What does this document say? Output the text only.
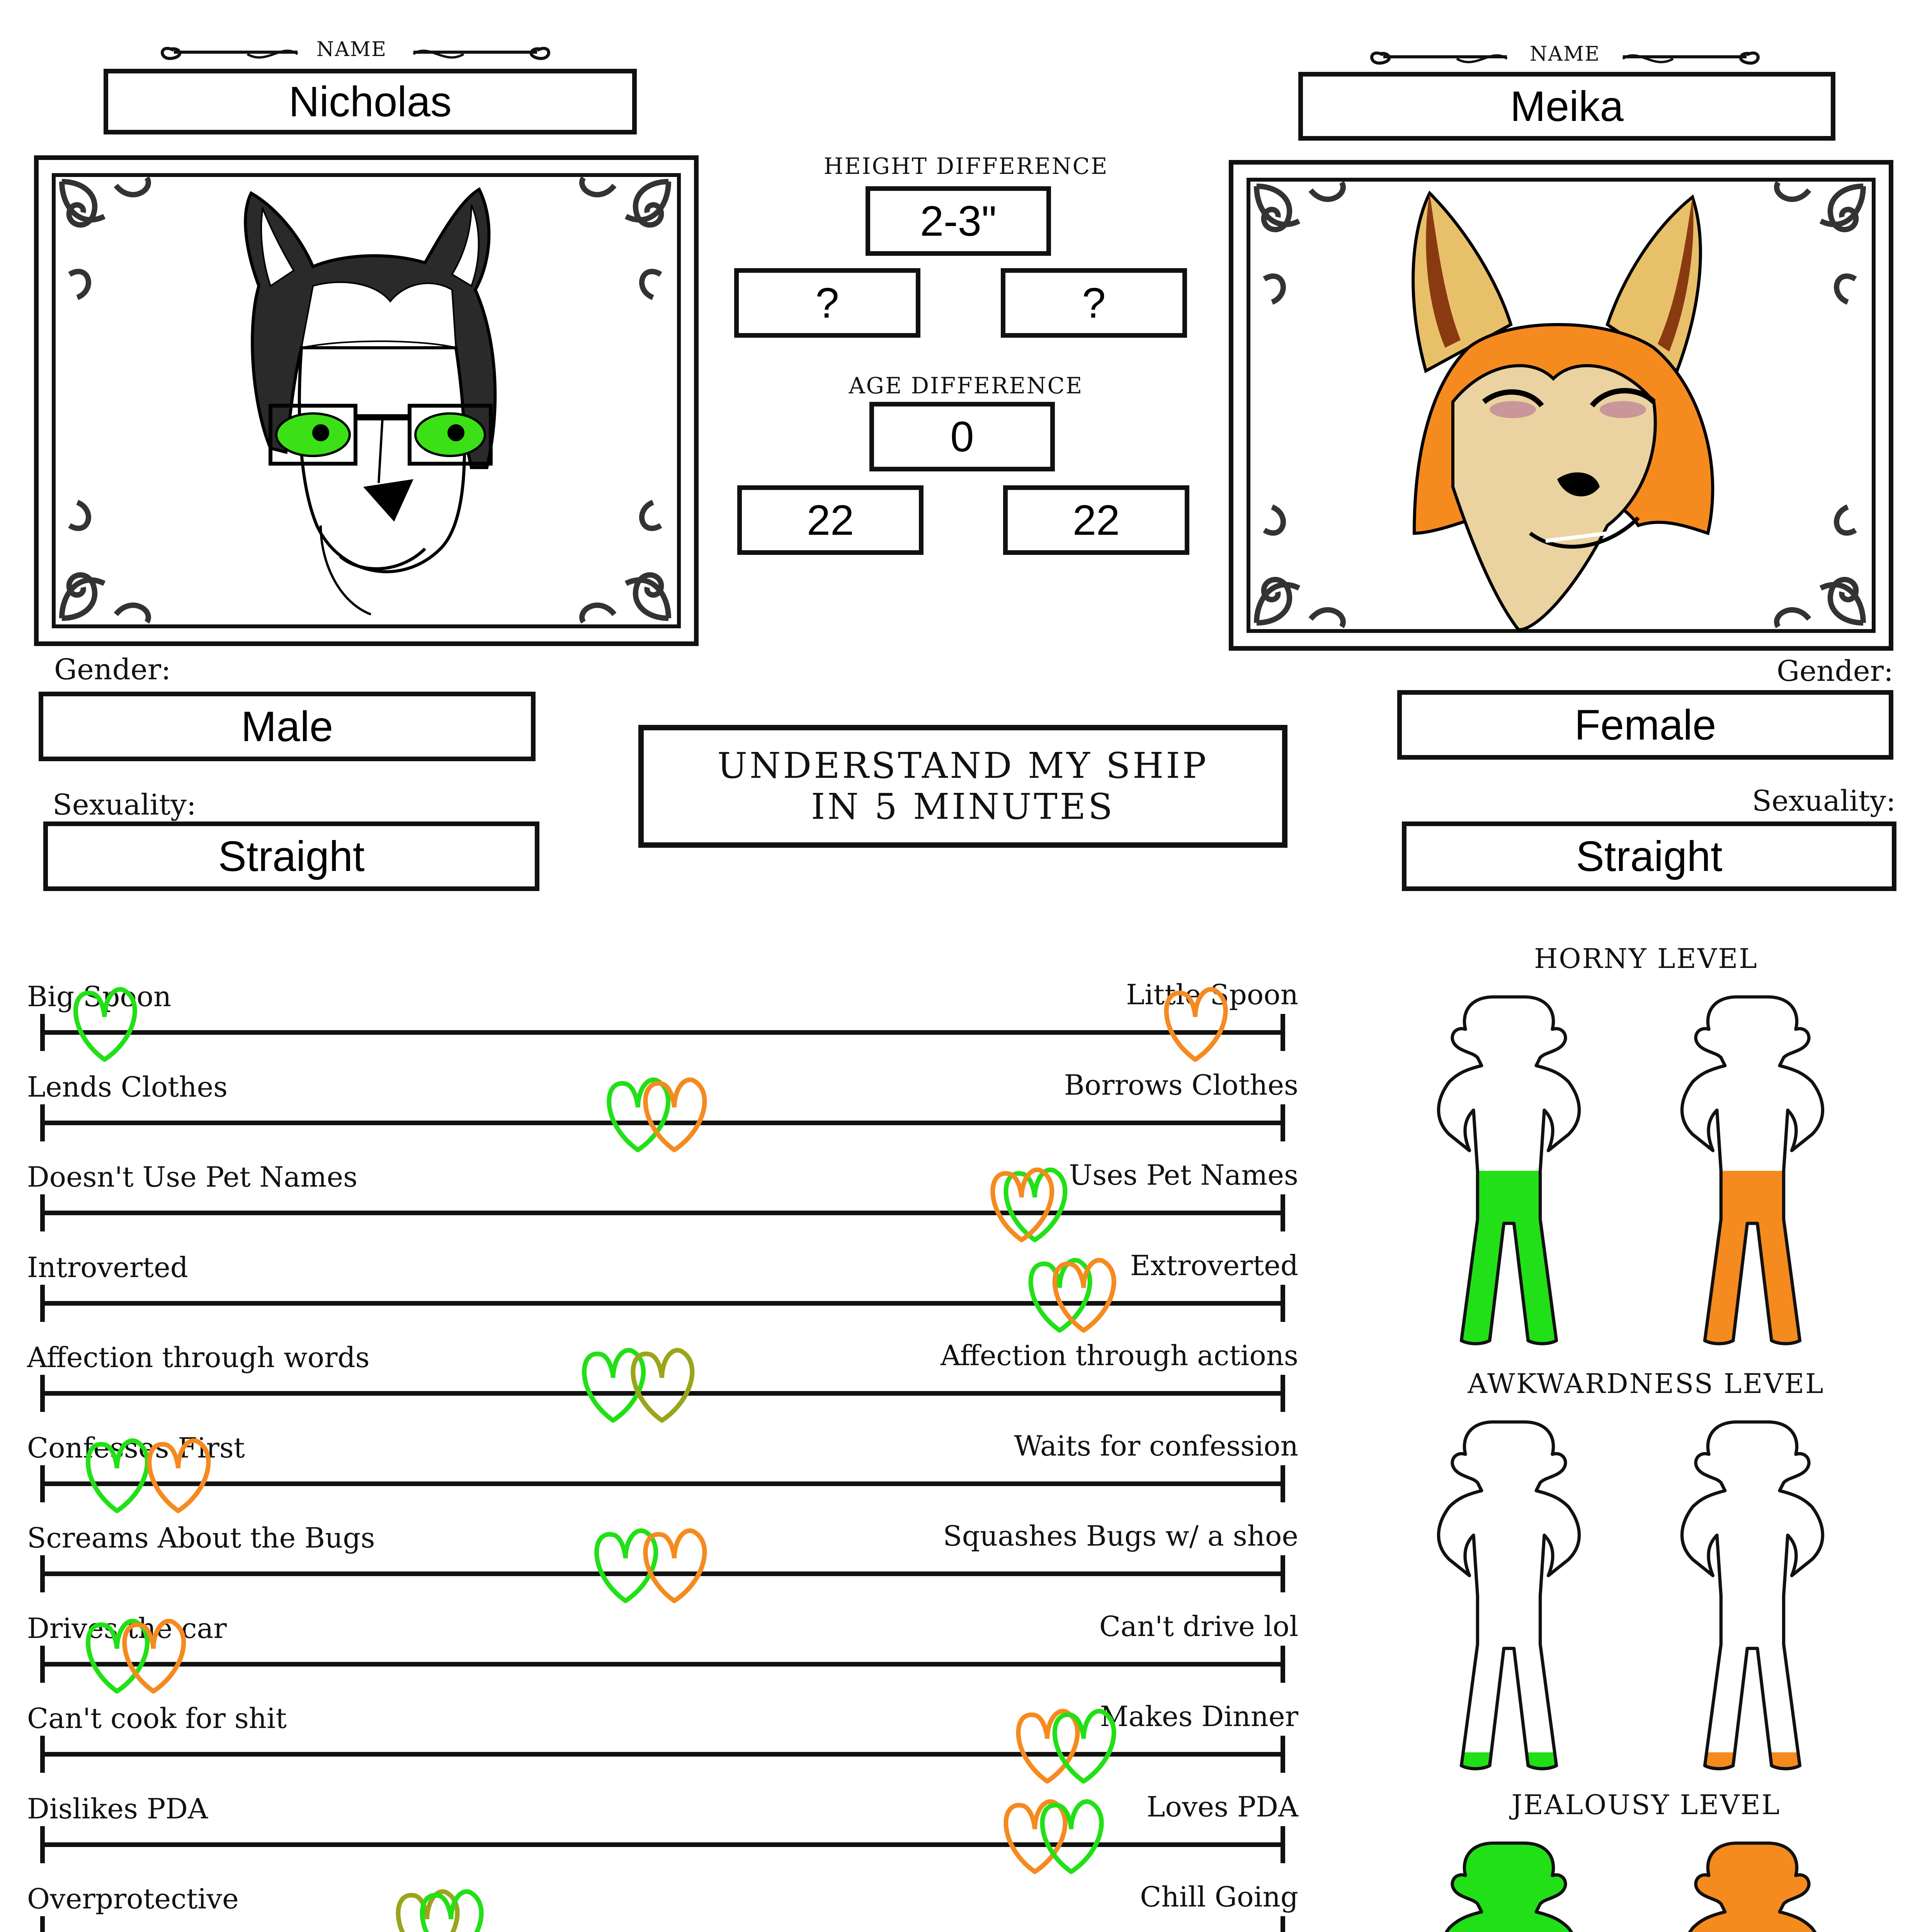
NAME
Nicholas
NAME
Meika
HEIGHT DIFFERENCE
2-3"
?	?
AGE DIFFERENCE
0
22	22
Gender:
Male
Sexuality:
Straight
Gender:
Female
Sexuality:
Straight
UNDERSTAND MY SHIP
IN 5 MINUTES
Big Spoon	Little Spoon
Lends Clothes	Borrows Clothes
Doesn't Use Pet Names	Uses Pet Names
Introverted	Extroverted
Affection through words	Affection through actions
Confesses First	Waits for confession
Screams About the Bugs	Squashes Bugs w/ a shoe
Drives the car	Can't drive lol
Can't cook for shit	Makes Dinner
Dislikes PDA	Loves PDA
Overprotective	Chill Going
HORNY LEVEL
AWKWARDNESS LEVEL
JEALOUSY LEVEL
